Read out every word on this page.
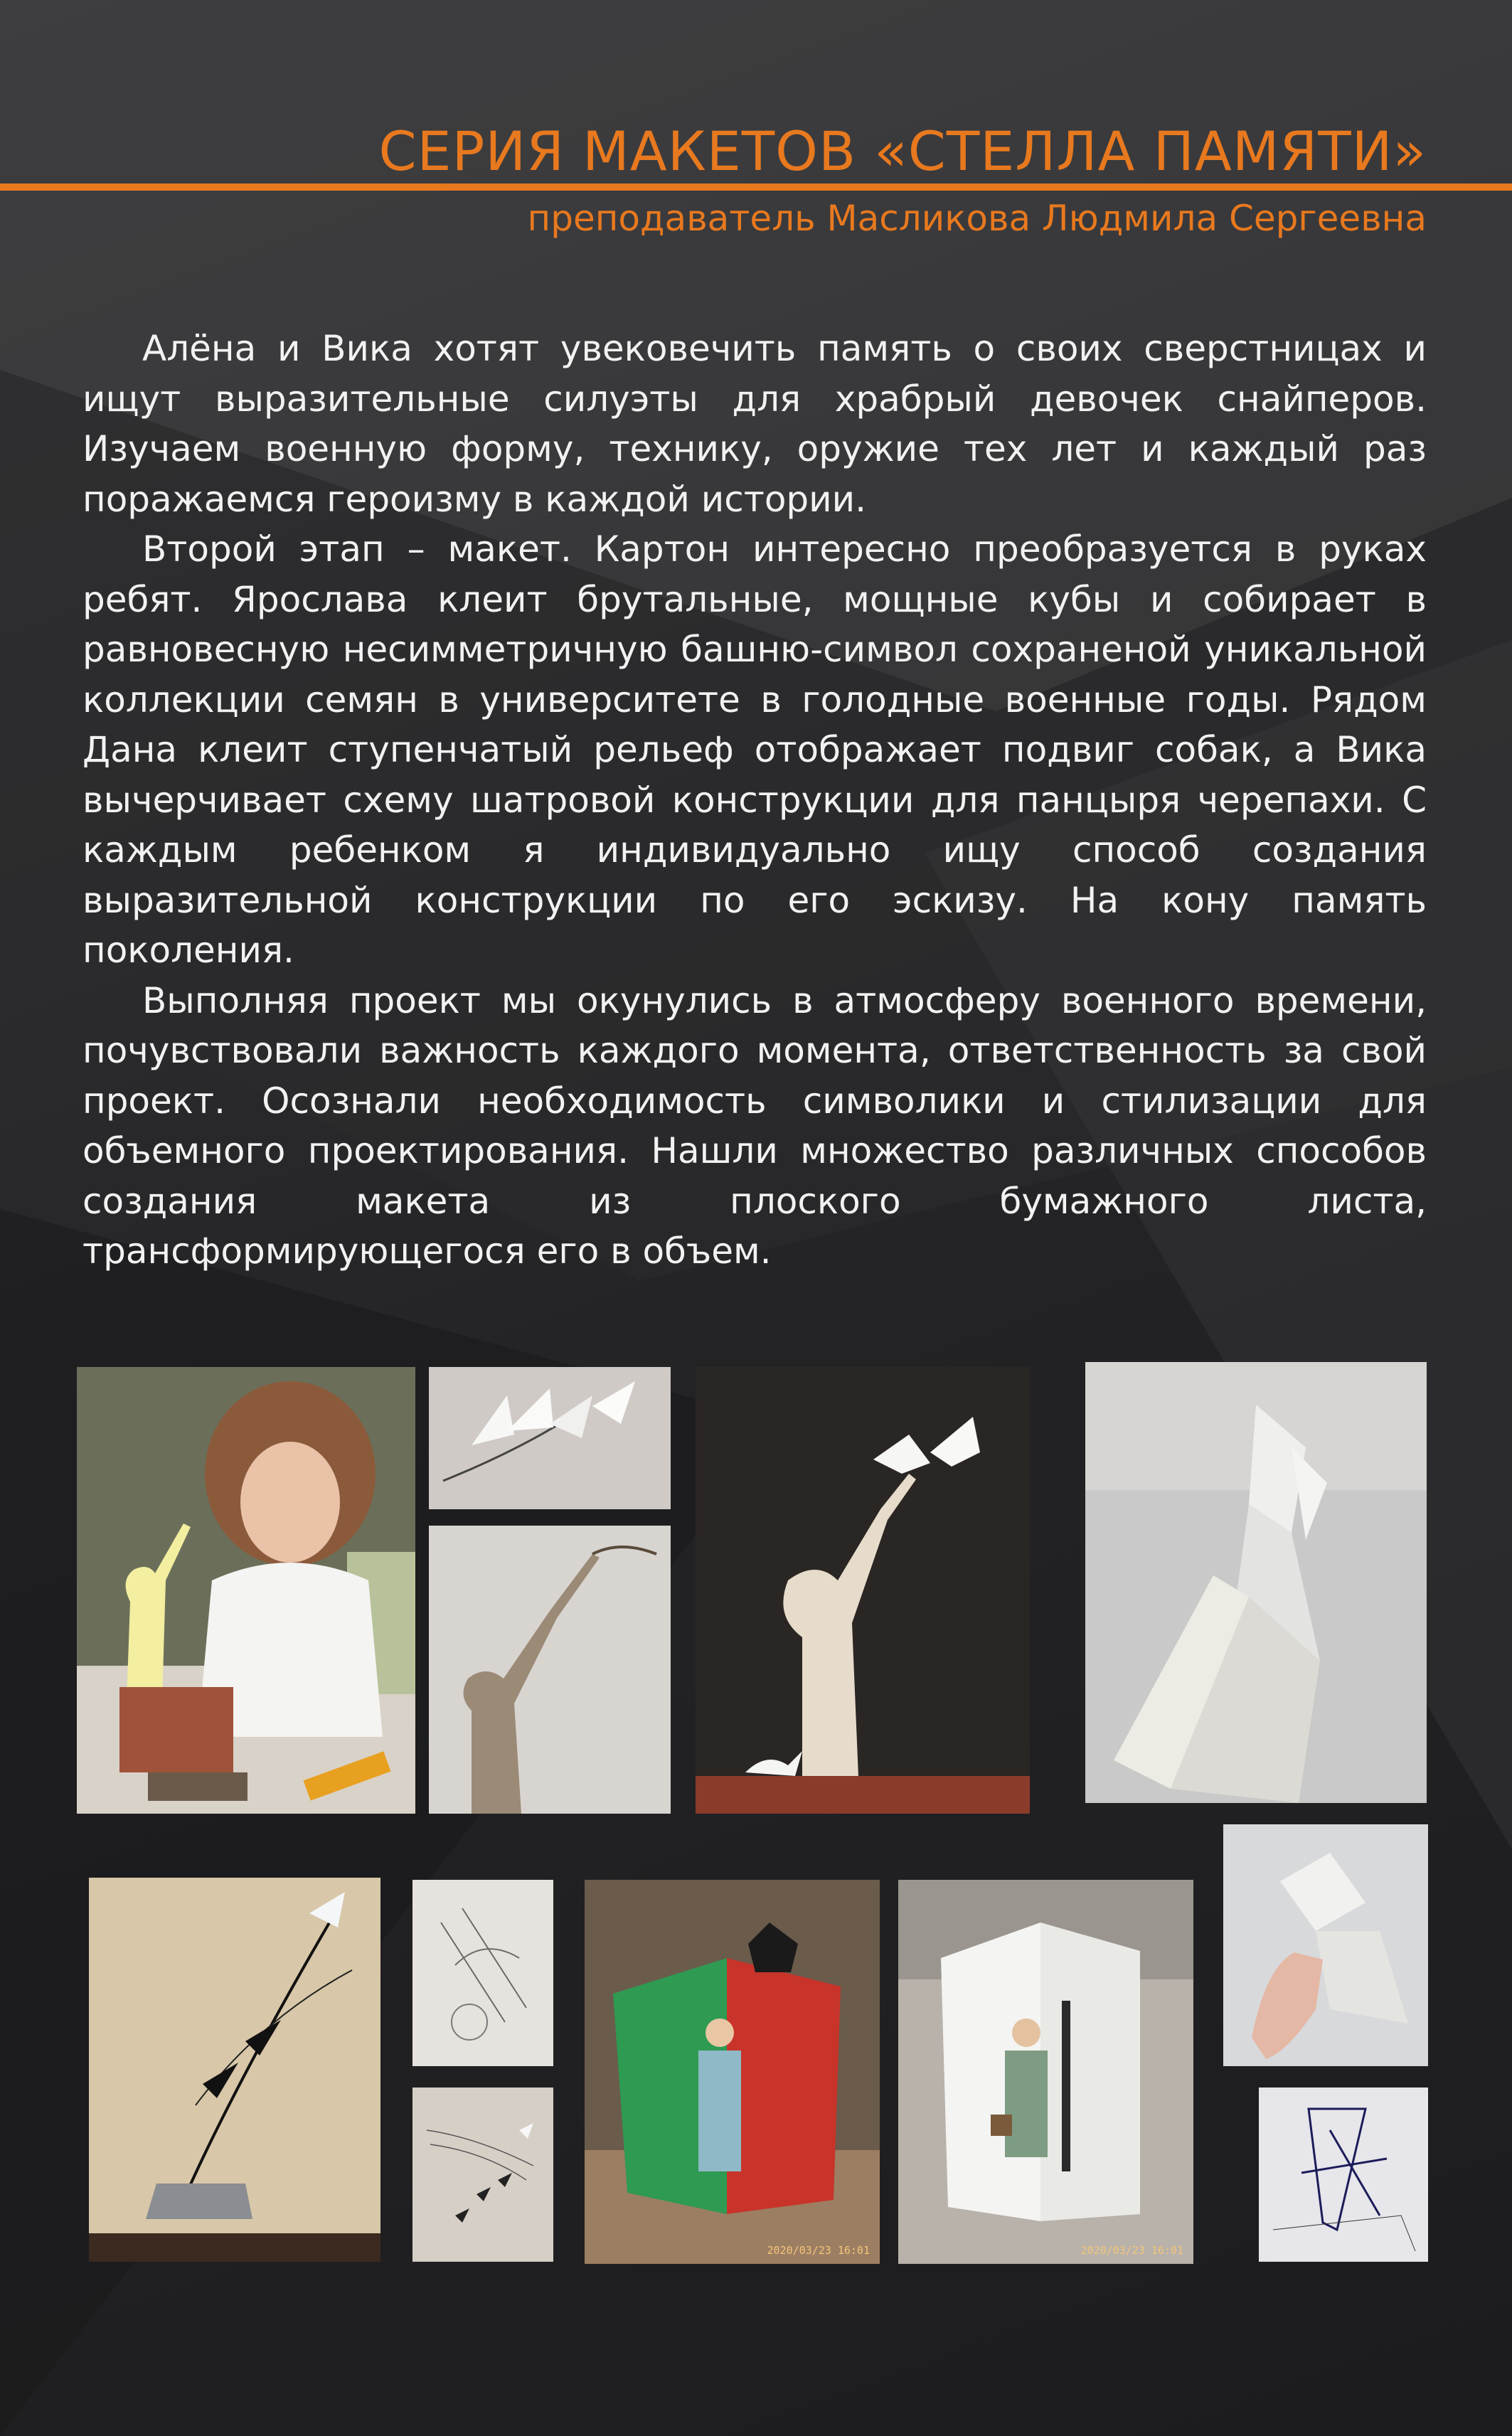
СЕРИЯ МАКЕТОВ «СТЕЛЛА ПАМЯТИ»
преподаватель Масликова Людмила Сергеевна

Алёна и Вика хотят увековечить память о своих сверстницах и ищут выразительные силуэты для храбрый девочек снайперов. Изучаем военную форму, технику, оружие тех лет и каждый раз поражаемся героизму в каждой истории.

Второй этап – макет. Картон интересно преобразуется в руках ребят. Ярослава клеит брутальные, мощные кубы и собирает в равновесную несимметричную башню-символ сохраненой уникальной коллекции семян в университете в голодные военные годы. Рядом Дана клеит ступенчатый рельеф отображает подвиг собак, а Вика вычерчивает схему шатровой конструкции для панцыря черепахи. С каждым ребенком я индивидуально ищу способ создания выразительной конструкции по его эскизу. На кону память поколения.

Выполняя проект мы окунулись в атмосферу военного времени, почувствовали важность каждого момента, ответственность за свой проект. Осознали необходимость символики и стилизации для объемного проектирования. Нашли множество различных способов создания макета из плоского бумажного листа, трансформирующегося его в объем.

2020/03/23 16:01	2020/03/23 16:01
